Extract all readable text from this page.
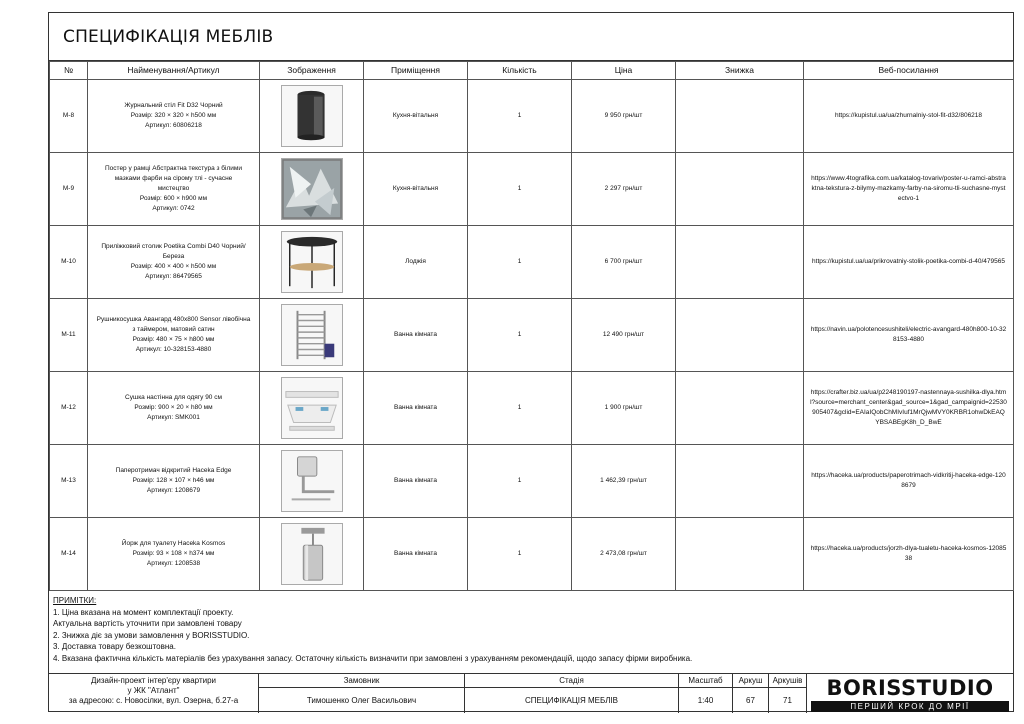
СПЕЦИФІКАЦІЯ МЕБЛІВ
№	Найменування/Артикул	Зображення	Приміщення	Кількість	Ціна	Знижка	Веб-посилання
М-8	Журнальний стіл Fit D32 Чорний
Розмір: 320 × 320 × h500 мм
Артикул: 60806218		Кухня-вітальня	1	9 950 грн/шт		https://kupistul.ua/ua/zhurnalniy-stol-fit-d32/806218
М-9	Постер у рамці Абстрактна текстура з білими
мазками фарби на сірому тлі - сучасне
мистецтво
Розмір: 600 × h900 мм
Артикул: 0742		Кухня-вітальня	1	2 297 грн/шт		https://www.4tografika.com.ua/katalog-tovariv/poster-u-ramci-abstraktna-tekstura-z-bilymy-mazkamy-farby-na-siromu-tli-suchasne-mystectvo-1
М-10	Приліжковий столик Poetika Combi D40 Чорний/
Береза
Розмір: 400 × 400 × h500 мм
Артикул: 86479565		Лоджія	1	6 700 грн/шт		https://kupistul.ua/ua/prikrovatniy-stolik-poetika-combi-d-40/479565
М-11	Рушникосушка Авангард 480x800 Sensor лівобічна
з таймером, матовий сатин
Розмір: 480 × 75 × h800 мм
Артикул: 10-328153-4880		Ванна кімната	1	12 490 грн/шт		https://navin.ua/polotencesushiteli/electric-avangard-480h800-10-328153-4880
М-12	Сушка настінна для одягу 90 см
Розмір: 900 × 20 × h80 мм
Артикул: SMK001		Ванна кімната	1	1 900 грн/шт		https://crafter.biz.ua/ua/p2248190197-nastennaya-sushilka-dlya.html?source=merchant_center&gad_source=1&gad_campaignid=22530905407&gclid=EAIaIQobChMIvIuf1MrQjwMVY0KRBR1ohwDkEAQYBSABEgK8h_D_BwE
М-13	Паперотримач відкритий Haceka Edge
Розмір: 128 × 107 × h46 мм
Артикул: 1208679		Ванна кімната	1	1 462,39 грн/шт		https://haceka.ua/products/paperotrimach-vidkritij-haceka-edge-1208679
М-14	Йорж для туалету Haceka Kosmos
Розмір: 93 × 108 × h374 мм
Артикул: 1208538		Ванна кімната	1	2 473,08 грн/шт		https://haceka.ua/products/jorzh-dlya-tualetu-haceka-kosmos-1208538
ПРИМІТКИ:
1. Ціна вказана на момент комплектації проекту.
Актуальна вартість уточнити при замовлені товару
2. Знижка діє за умови замовлення у BORISSTUDIO.
3. Доставка товару безкоштовна.
4. Вказана фактична кількість матеріалів без урахування запасу. Остаточну кількість визначити при замовлені з урахуванням рекомендацій, щодо запасу фірми виробника.
Дизайн-проект інтер'єру квартири
у ЖК "Атлант"
за адресою: с. Новосілки, вул. Озерна, б.27-а
Замовник
Тимошенко Олег Васильович
Стадія
СПЕЦИФІКАЦІЯ МЕБЛІВ
Масштаб
1:40
Аркуш
67
Аркушів
71
BORISSTUDIO
ПЕРШИЙ КРОК ДО МРІЇ
